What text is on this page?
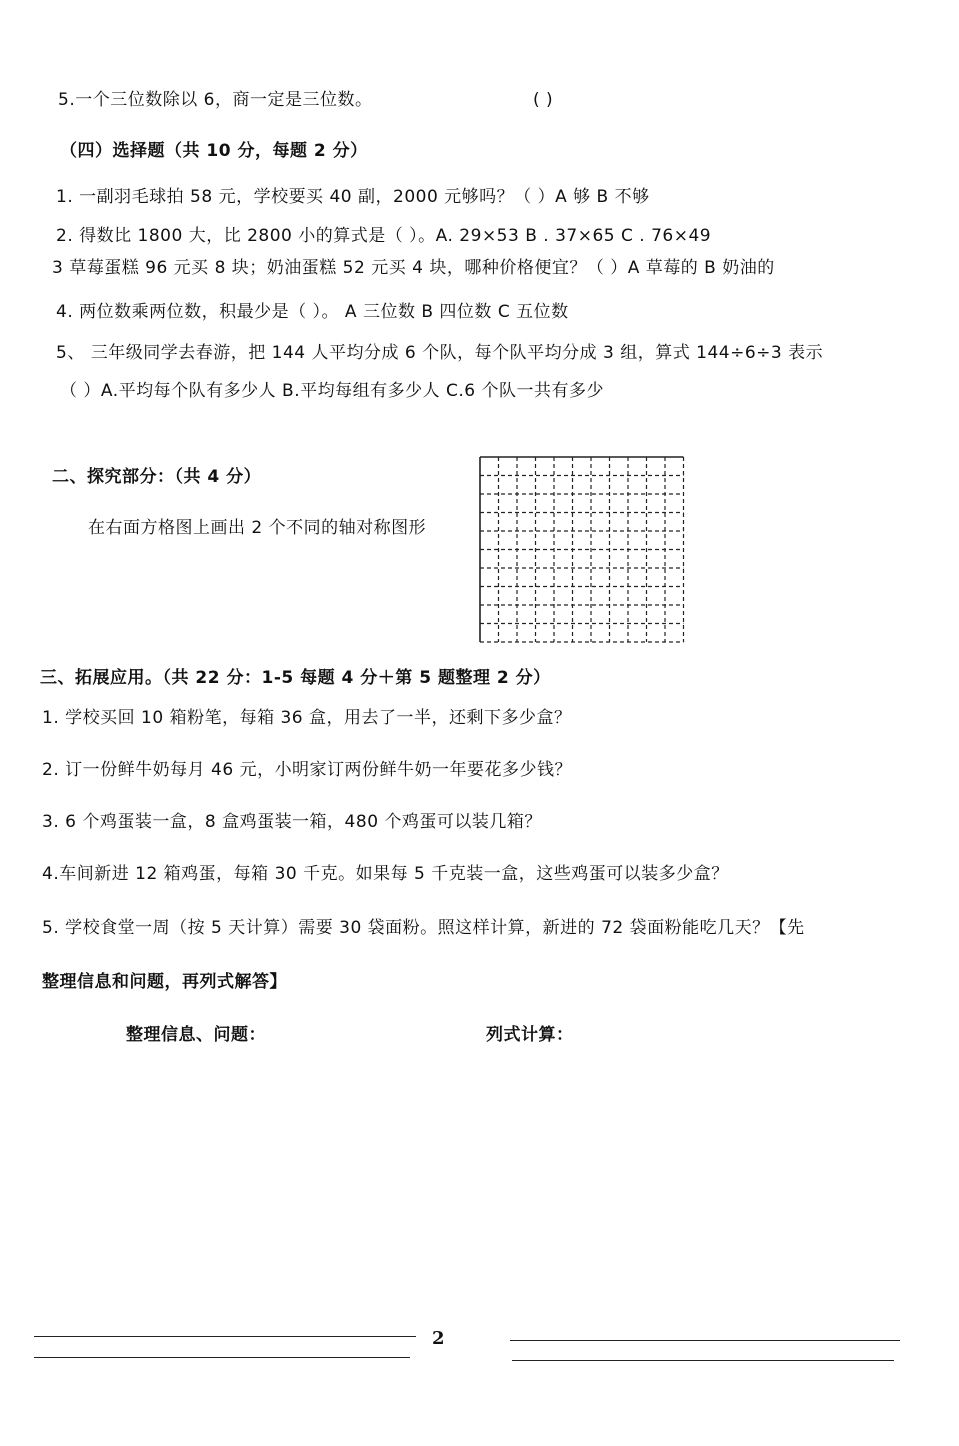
5.一个三位数除以 6，商一定是三位数。	( )
（四）选择题（共 10 分，每题 2 分）
1. 一副羽毛球拍 58 元，学校要买 40 副，2000 元够吗？（ ）A 够 B 不够
2. 得数比 1800 大，比 2800 小的算式是（ ）。A. 29×53 B . 37×65 C . 76×49
3 草莓蛋糕 96 元买 8 块；奶油蛋糕 52 元买 4 块，哪种价格便宜？（ ）A 草莓的 B 奶油的
4. 两位数乘两位数，积最少是（ ）。 A 三位数 B 四位数 C 五位数
5、 三年级同学去春游，把 144 人平均分成 6 个队，每个队平均分成 3 组，算式 144÷6÷3 表示
（ ）A.平均每个队有多少人 B.平均每组有多少人 C.6 个队一共有多少
二、探究部分：（共 4 分）
在右面方格图上画出 2 个不同的轴对称图形
三、拓展应用。（共 22 分：1-5 每题 4 分＋第 5 题整理 2 分）
1. 学校买回 10 箱粉笔，每箱 36 盒，用去了一半，还剩下多少盒？
2. 订一份鲜牛奶每月 46 元，小明家订两份鲜牛奶一年要花多少钱？
3. 6 个鸡蛋装一盒，8 盒鸡蛋装一箱，480 个鸡蛋可以装几箱？
4.车间新进 12 箱鸡蛋，每箱 30 千克。如果每 5 千克装一盒，这些鸡蛋可以装多少盒？
5. 学校食堂一周（按 5 天计算）需要 30 袋面粉。照这样计算，新进的 72 袋面粉能吃几天？【先
整理信息和问题，再列式解答】
整理信息、问题：	列式计算：
2
